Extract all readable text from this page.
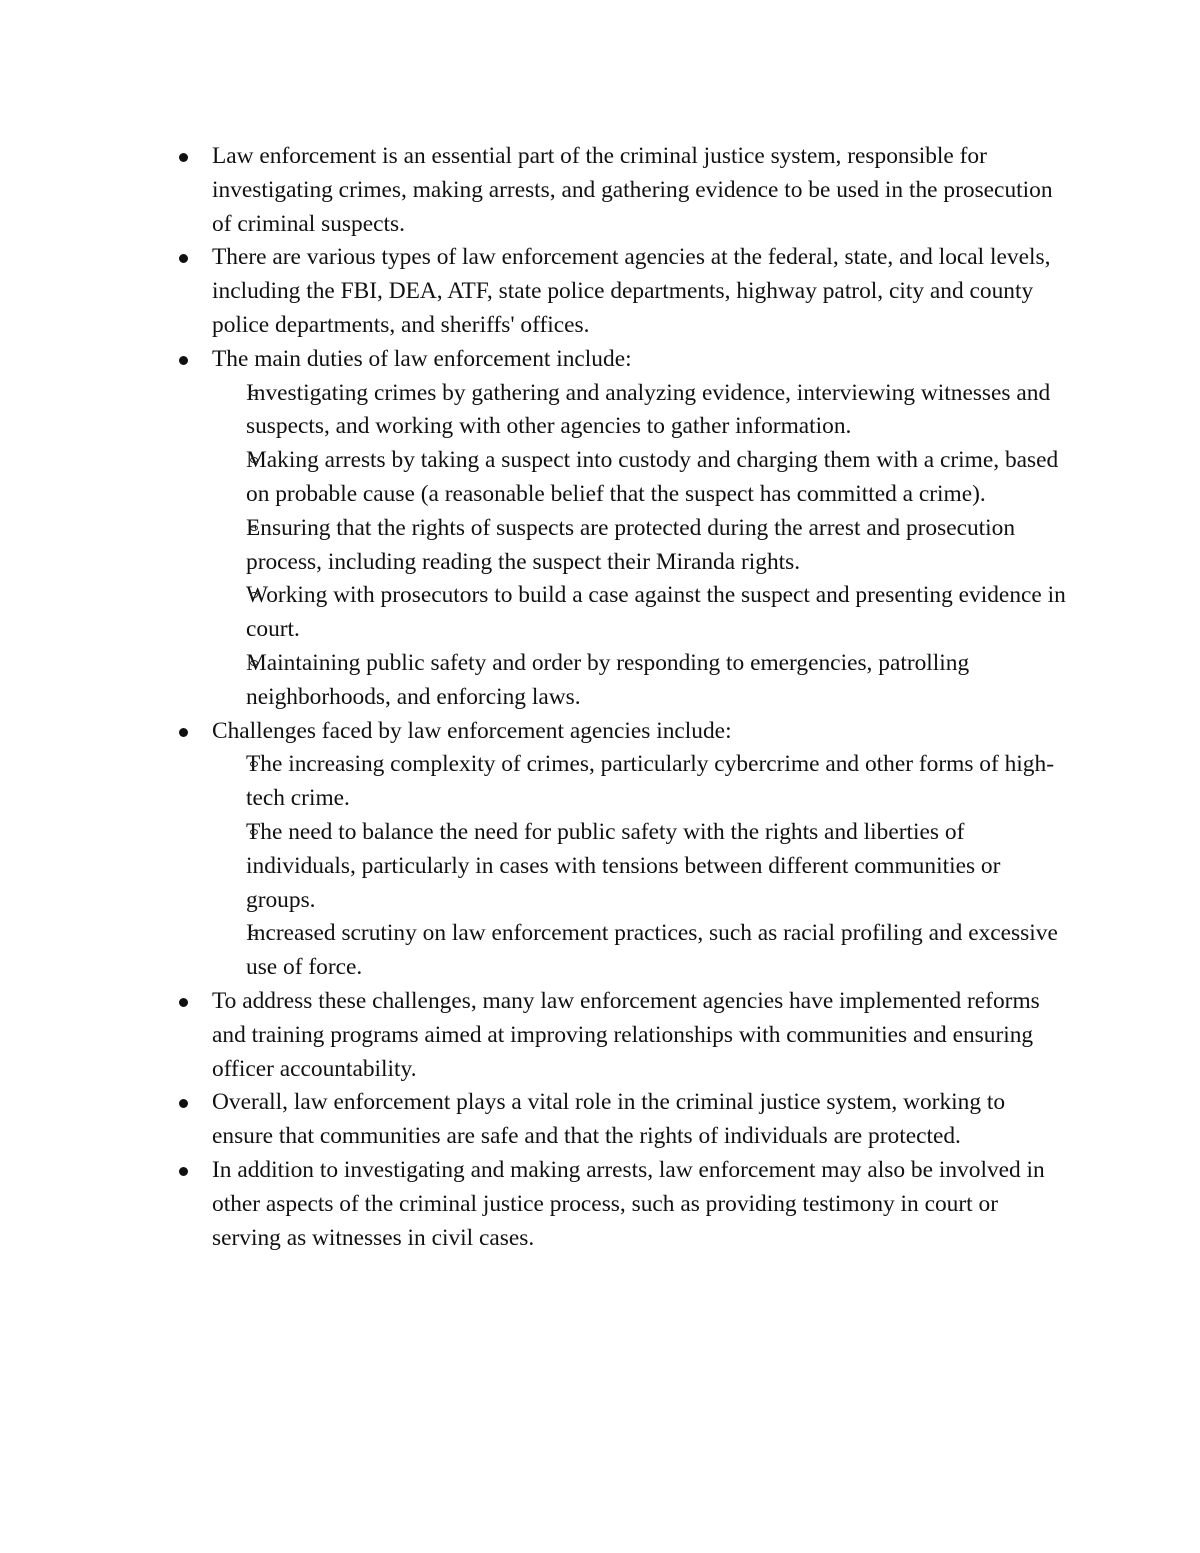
Law enforcement is an essential part of the criminal justice system, responsible for investigating crimes, making arrests, and gathering evidence to be used in the prosecution of criminal suspects.
There are various types of law enforcement agencies at the federal, state, and local levels, including the FBI, DEA, ATF, state police departments, highway patrol, city and county police departments, and sheriffs' offices.
The main duties of law enforcement include:
Investigating crimes by gathering and analyzing evidence, interviewing witnesses and suspects, and working with other agencies to gather information.
Making arrests by taking a suspect into custody and charging them with a crime, based on probable cause (a reasonable belief that the suspect has committed a crime).
Ensuring that the rights of suspects are protected during the arrest and prosecution process, including reading the suspect their Miranda rights.
Working with prosecutors to build a case against the suspect and presenting evidence in court.
Maintaining public safety and order by responding to emergencies, patrolling neighborhoods, and enforcing laws.
Challenges faced by law enforcement agencies include:
The increasing complexity of crimes, particularly cybercrime and other forms of high-tech crime.
The need to balance the need for public safety with the rights and liberties of individuals, particularly in cases with tensions between different communities or groups.
Increased scrutiny on law enforcement practices, such as racial profiling and excessive use of force.
To address these challenges, many law enforcement agencies have implemented reforms and training programs aimed at improving relationships with communities and ensuring officer accountability.
Overall, law enforcement plays a vital role in the criminal justice system, working to ensure that communities are safe and that the rights of individuals are protected.
In addition to investigating and making arrests, law enforcement may also be involved in other aspects of the criminal justice process, such as providing testimony in court or serving as witnesses in civil cases.
